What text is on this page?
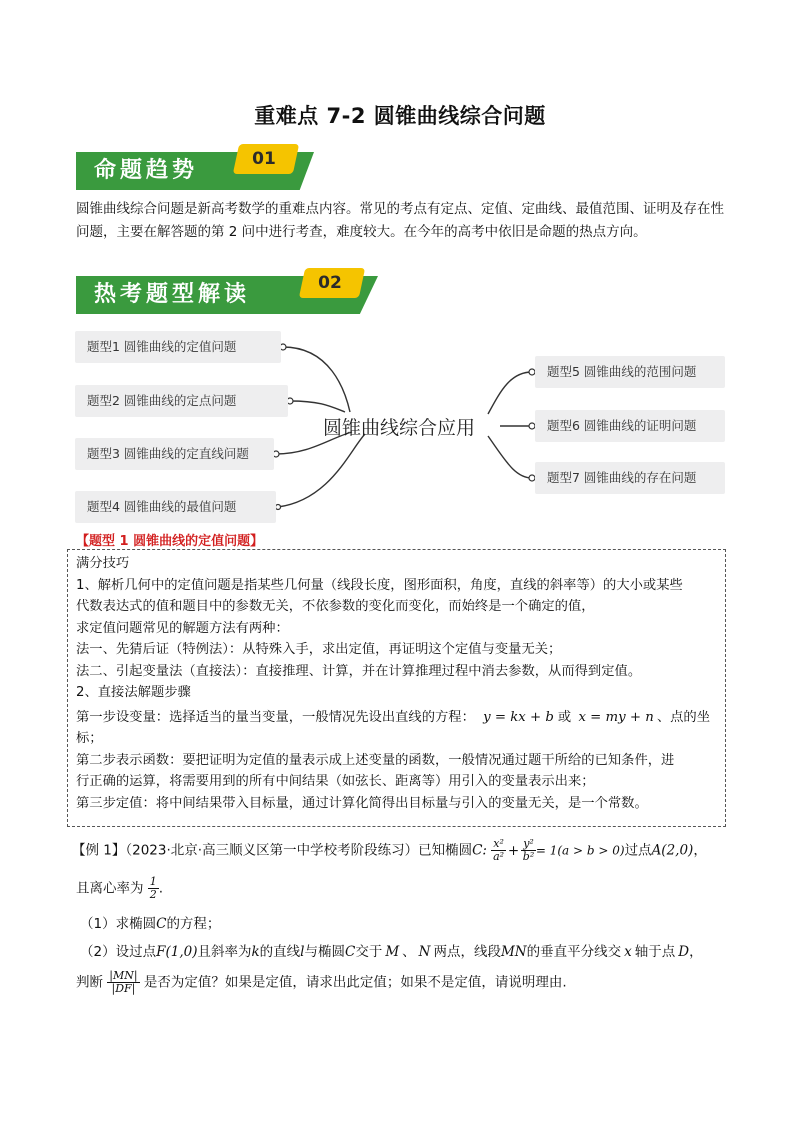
重难点 7-2 圆锥曲线综合问题
命题趋势	01
圆锥曲线综合问题是新高考数学的重难点内容。常见的考点有定点、定值、定曲线、最值范围、证明及存在性问题，主要在解答题的第 2 问中进行考查，难度较大。在今年的高考中依旧是命题的热点方向。
热考题型解读	02
题型1 圆锥曲线的定值问题
题型2 圆锥曲线的定点问题
题型3 圆锥曲线的定直线问题
题型4 圆锥曲线的最值问题
圆锥曲线综合应用
题型5 圆锥曲线的范围问题
题型6 圆锥曲线的证明问题
题型7 圆锥曲线的存在问题
【题型 1 圆锥曲线的定值问题】

满分技巧

1、解析几何中的定值问题是指某些几何量（线段长度，图形面积，角度，直线的斜率等）的大小或某些

代数表达式的值和题目中的参数无关，不依参数的变化而变化，而始终是一个确定的值，

求定值问题常见的解题方法有两种：

法一、先猜后证（特例法）：从特殊入手，求出定值，再证明这个定值与变量无关；

法二、引起变量法（直接法）：直接推理、计算，并在计算推理过程中消去参数，从而得到定值。

2、直接法解题步骤

第一步设变量：选择适当的量当变量，一般情况先设出直线的方程： y = kx + b 或 x = my + n 、点的坐

标；

第二步表示函数：要把证明为定值的量表示成上述变量的函数，一般情况通过题干所给的已知条件，进

行正确的运算，将需要用到的所有中间结果（如弦长、距离等）用引入的变量表示出来；

第三步定值：将中间结果带入目标量，通过计算化简得出目标量与引入的变量无关，是一个常数。

【例 1】（2023·北京·高三顺义区第一中学校考阶段练习）已知椭圆C: $\frac{\text{x²}}{\text{a²}} + \frac{\text{y²}}{\text{b²}} = 1(a > b > 0)$过点A(2,0)，
且离心率为 $\frac{1}{2}$ .
（1）求椭圆C的方程；
（2）设过点F(1,0)且斜率为k的直线l与椭圆C交于 M 、 N 两点，线段MN的垂直平分线交 x 轴于点 D，
判断 $\frac{|MN|}{|DF|}$ 是否为定值？如果是定值，请求出此定值；如果不是定值，请说明理由.
